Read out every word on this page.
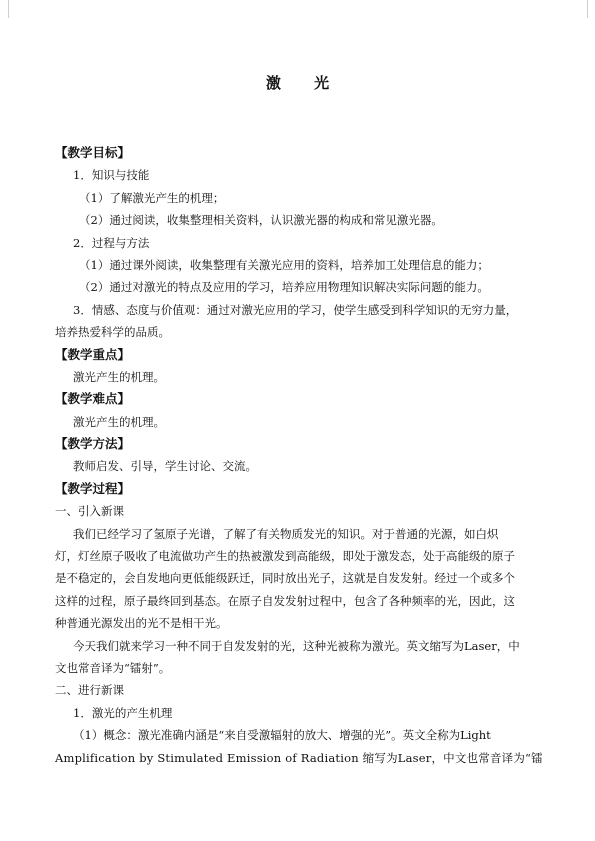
激 光
【教学目标】
1．知识与技能
（1）了解激光产生的机理；
（2）通过阅读，收集整理相关资料，认识激光器的构成和常见激光器。
2．过程与方法
（1）通过课外阅读，收集整理有关激光应用的资料，培养加工处理信息的能力；
（2）通过对激光的特点及应用的学习，培养应用物理知识解决实际问题的能力。
3．情感、态度与价值观：通过对激光应用的学习，使学生感受到科学知识的无穷力量，
培养热爱科学的品质。
【教学重点】
激光产生的机理。
【教学难点】
激光产生的机理。
【教学方法】
教师启发、引导，学生讨论、交流。
【教学过程】
一、引入新课
我们已经学习了氢原子光谱，了解了有关物质发光的知识。对于普通的光源，如白炽
灯，灯丝原子吸收了电流做功产生的热被激发到高能级，即处于激发态，处于高能级的原子
是不稳定的，会自发地向更低能级跃迁，同时放出光子，这就是自发发射。经过一个或多个
这样的过程，原子最终回到基态。在原子自发发射过程中，包含了各种频率的光，因此，这
种普通光源发出的光不是相干光。
今天我们就来学习一种不同于自发发射的光，这种光被称为激光。英文缩写为Laser，中
文也常音译为“镭射”。
二、进行新课
1．激光的产生机理
（1）概念：激光准确内涵是“来自受激辐射的放大、增强的光”。英文全称为Light
Amplification by Stimulated Emission of Radiation 缩写为Laser，中文也常音译为“镭
